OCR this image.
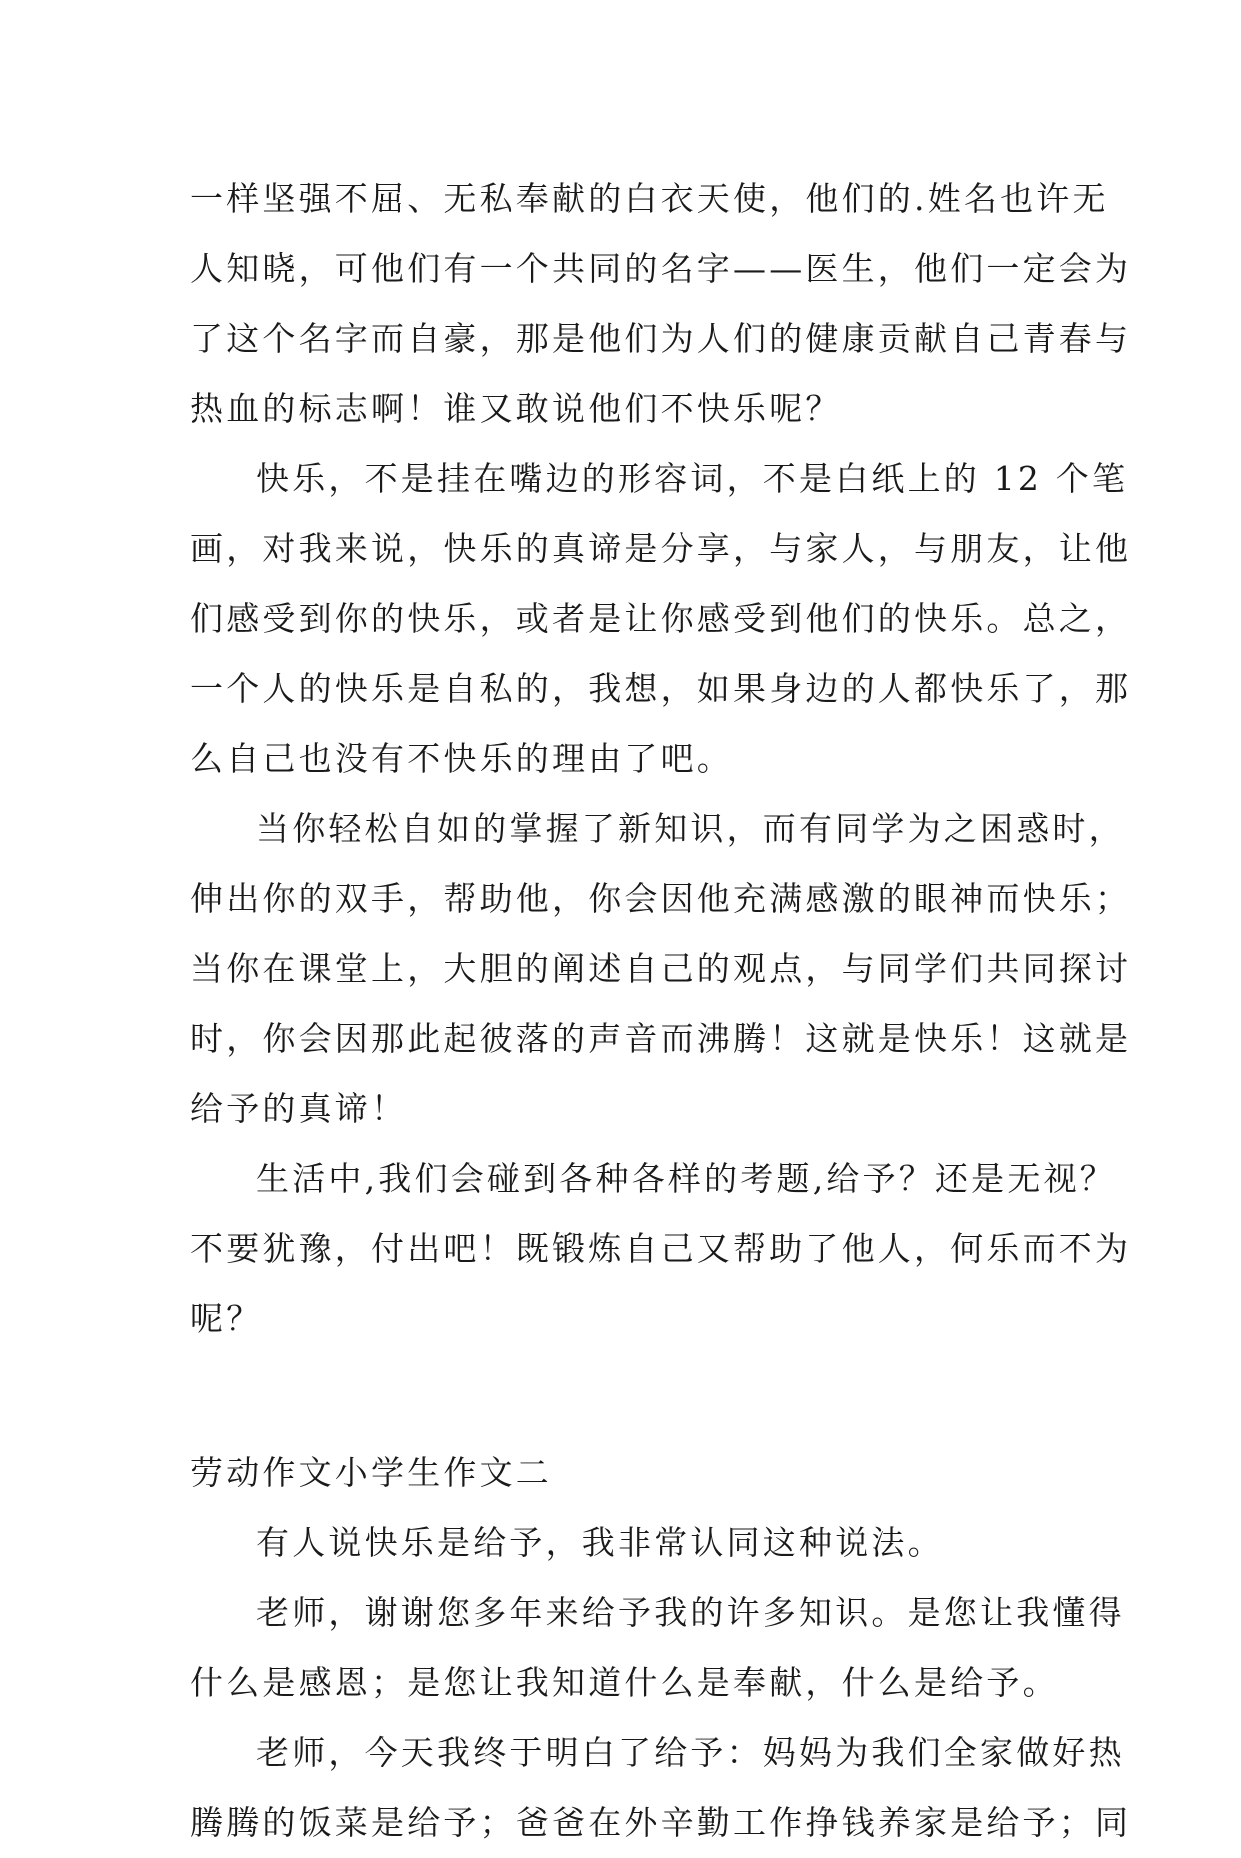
一样坚强不屈、无私奉献的白衣天使，他们的.姓名也许无
人知晓，可他们有一个共同的名字——医生，他们一定会为
了这个名字而自豪，那是他们为人们的健康贡献自己青春与
热血的标志啊！谁又敢说他们不快乐呢？
快乐，不是挂在嘴边的形容词，不是白纸上的 12 个笔
画，对我来说，快乐的真谛是分享，与家人，与朋友，让他
们感受到你的快乐，或者是让你感受到他们的快乐。总之，
一个人的快乐是自私的，我想，如果身边的人都快乐了，那
么自己也没有不快乐的理由了吧。
当你轻松自如的掌握了新知识，而有同学为之困惑时，
伸出你的双手，帮助他，你会因他充满感激的眼神而快乐；
当你在课堂上，大胆的阐述自己的观点，与同学们共同探讨
时，你会因那此起彼落的声音而沸腾！这就是快乐！这就是
给予的真谛！
生活中,我们会碰到各种各样的考题,给予？还是无视？
不要犹豫，付出吧！既锻炼自己又帮助了他人，何乐而不为
呢？
劳动作文小学生作文二
有人说快乐是给予，我非常认同这种说法。
老师，谢谢您多年来给予我的许多知识。是您让我懂得
什么是感恩；是您让我知道什么是奉献，什么是给予。
老师，今天我终于明白了给予：妈妈为我们全家做好热
腾腾的饭菜是给予；爸爸在外辛勤工作挣钱养家是给予；同
